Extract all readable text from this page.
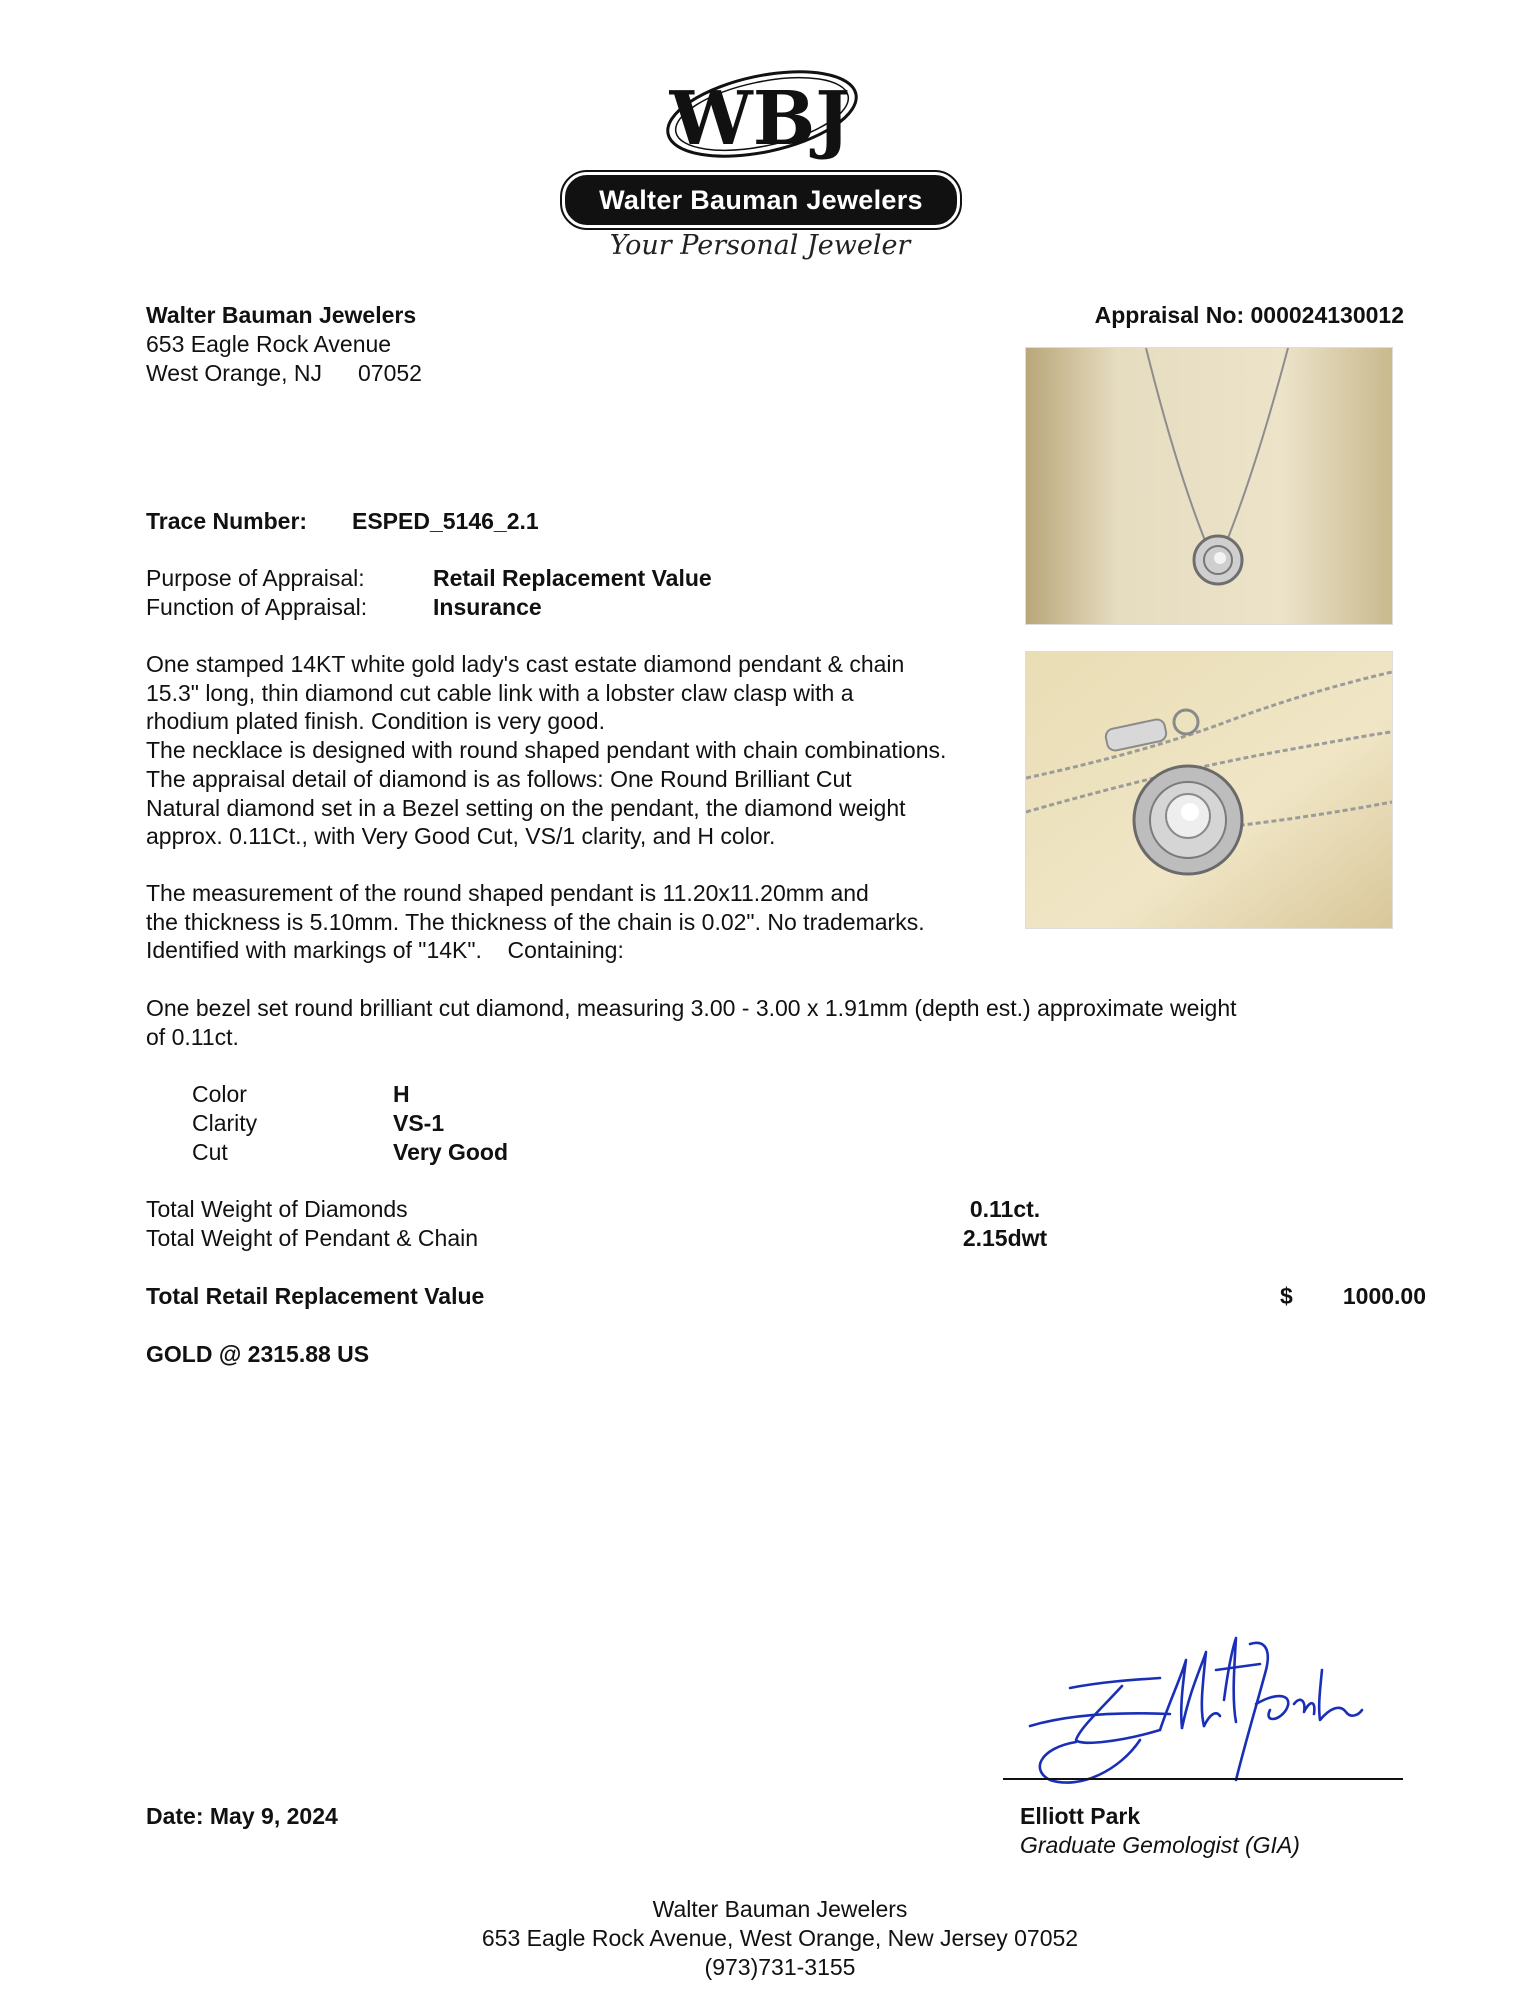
WBJ
Walter Bauman Jewelers
Your Personal Jeweler
Walter Bauman Jewelers
653 Eagle Rock Avenue
West Orange, NJ 07052
Appraisal No: 000024130012
Trace Number: ESPED_5146_2.1
Purpose of Appraisal:	Retail Replacement Value
Function of Appraisal:	Insurance
One stamped 14KT white gold lady's cast estate diamond pendant & chain
15.3" long, thin diamond cut cable link with a lobster claw clasp with a
rhodium plated finish. Condition is very good.
The necklace is designed with round shaped pendant with chain combinations.
The appraisal detail of diamond is as follows: One Round Brilliant Cut
Natural diamond set in a Bezel setting on the pendant, the diamond weight
approx. 0.11Ct., with Very Good Cut, VS/1 clarity, and H color.
The measurement of the round shaped pendant is 11.20x11.20mm and
the thickness is 5.10mm. The thickness of the chain is 0.02". No trademarks.
Identified with markings of "14K".    Containing:
One bezel set round brilliant cut diamond, measuring 3.00 - 3.00 x 1.91mm (depth est.) approximate weight
of 0.11ct.
Color	H
Clarity	VS-1
Cut	Very Good
Total Weight of Diamonds	0.11ct.
Total Weight of Pendant & Chain	2.15dwt
Total Retail Replacement Value	$ 1000.00
GOLD @ 2315.88 US
Elliott Park
Date: May 9, 2024	Elliott Park
Graduate Gemologist (GIA)
Walter Bauman Jewelers
653 Eagle Rock Avenue, West Orange, New Jersey 07052
(973)731-3155
